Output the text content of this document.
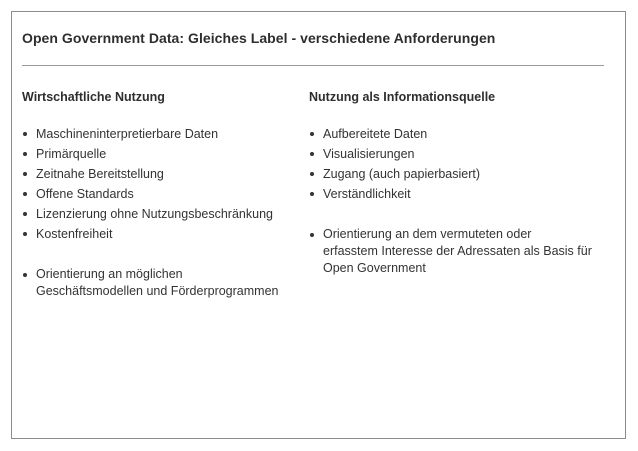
Open Government Data: Gleiches Label - verschiedene Anforderungen
Wirtschaftliche Nutzung
Maschineninterpretierbare Daten
Primärquelle
Zeitnahe Bereitstellung
Offene Standards
Lizenzierung ohne Nutzungsbeschränkung
Kostenfreiheit
Orientierung an möglichen
Geschäftsmodellen und Förderprogrammen
Nutzung als Informationsquelle
Aufbereitete Daten
Visualisierungen
Zugang (auch papierbasiert)
Verständlichkeit
Orientierung an dem vermuteten oder
erfasstem Interesse der Adressaten als Basis für
Open Government
